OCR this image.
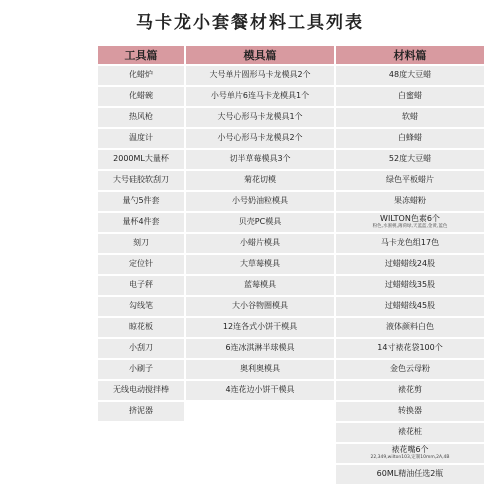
马卡龙小套餐材料工具列表
工具篇
化蜡炉
化蜡碗
热风枪
温度计
2000ML大量杯
大号硅胶软刮刀
量勺5件套
量杯4件套
刻刀
定位针
电子秤
勾线笔
晾花板
小刮刀
小刷子
无线电动搅拌棒
挤泥器
模具篇
大号单片圆形马卡龙模具2个
小号单片6连马卡龙模具1个
大号心形马卡龙模具1个
小号心形马卡龙模具2个
切半草莓模具3个
菊花切模
小号奶油粒模具
贝壳PC模具
小蜡片模具
大草莓模具
蓝莓模具
大小谷物圈模具
12连各式小饼干模具
6连冰淇淋半球模具
奥利奥模具
4连花边小饼干模具
材料篇
48度大豆蜡
白蜜蜡
软蜡
白蜂蜡
52度大豆蜡
绿色平板蜡片
果冻蜡粉
WILTON色素6个
粉色,水蜜桃,薄荷绿,天蓝蓝,金黄,蓝色
马卡龙色组17色
过蜡蜡线24股
过蜡蜡线35股
过蜡蜡线45股
液体颜料白色
14寸裱花袋100个
金色云母粉
裱花剪
转换器
裱花桩
裱花嘴6个
22,349,wilton103,定制10mm,2A,4B
60ML精油任选2瓶
